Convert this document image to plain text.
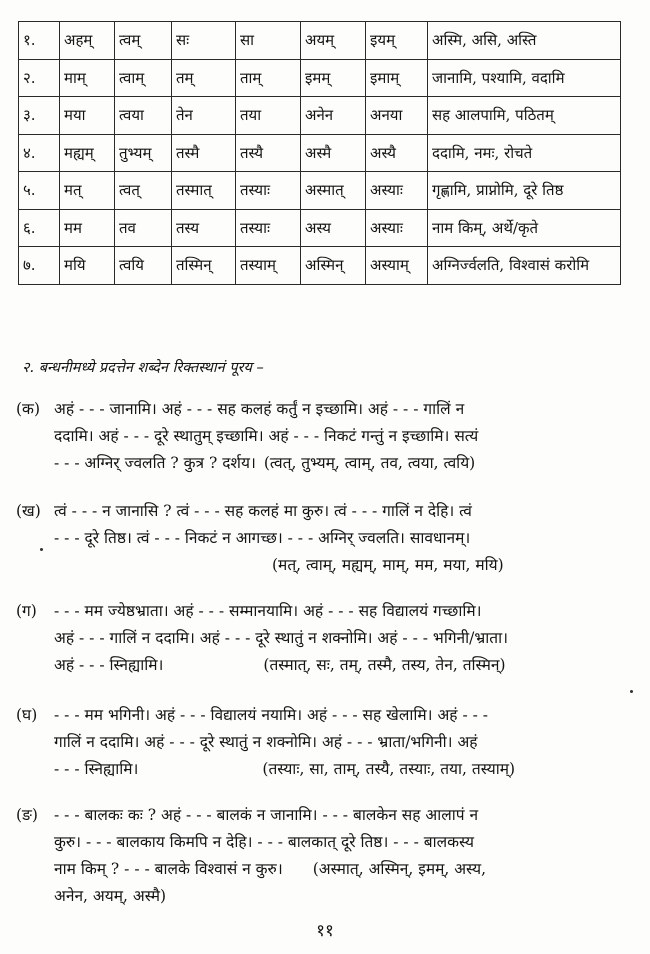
१.	अहम्	त्वम्	सः	सा	अयम्	इयम्	अस्मि, असि, अस्ति
२.	माम्	त्वाम्	तम्	ताम्	इमम्	इमाम्	जानामि, पश्यामि, वदामि
३.	मया	त्वया	तेन	तया	अनेन	अनया	सह आलपामि, पठितम्
४.	मह्यम्	तुभ्यम्	तस्मै	तस्यै	अस्मै	अस्यै	ददामि, नमः, रोचते
५.	मत्	त्वत्	तस्मात्	तस्याः	अस्मात्	अस्याः	गृह्णामि, प्राप्नोमि, दूरे तिष्ठ
६.	मम	तव	तस्य	तस्याः	अस्य	अस्याः	नाम किम्, अर्थे/कृते
७.	मयि	त्वयि	तस्मिन्	तस्याम्	अस्मिन्	अस्याम्	अग्निर्ज्वलति, विश्वासं करोमि
२. बन्धनीमध्ये प्रदत्तेन शब्देन रिक्तस्थानं पूरय –
(क) अहं - - - जानामि। अहं - - - सह कलहं कर्तुं न इच्छामि। अहं - - - गालिं न
ददामि। अहं - - - दूरे स्थातुम् इच्छामि। अहं - - - निकटं गन्तुं न इच्छामि। सत्यं
- - - अग्निर् ज्वलति ? कुत्र ? दर्शय। (त्वत्, तुभ्यम्, त्वाम्, तव, त्वया, त्वयि)
(ख) त्वं - - - न जानासि ? त्वं - - - सह कलहं मा कुरु। त्वं - - - गालिं न देहि। त्वं
- - - दूरे तिष्ठ। त्वं - - - निकटं न आगच्छ। - - - अग्निर् ज्वलति। सावधानम्।
(मत्, त्वाम्, मह्यम्, माम्, मम, मया, मयि)
(ग) - - - मम ज्येष्ठभ्राता। अहं - - - सम्मानयामि। अहं - - - सह विद्यालयं गच्छामि।
अहं - - - गालिं न ददामि। अहं - - - दूरे स्थातुं न शक्नोमि। अहं - - - भगिनी/भ्राता।
अहं - - - स्निह्यामि।	(तस्मात्, सः, तम्, तस्मै, तस्य, तेन, तस्मिन्)
(घ) - - - मम भगिनी। अहं - - - विद्यालयं नयामि। अहं - - - सह खेलामि। अहं - - -
गालिं न ददामि। अहं - - - दूरे स्थातुं न शक्नोमि। अहं - - - भ्राता/भगिनी। अहं
- - - स्निह्यामि।	(तस्याः, सा, ताम्, तस्यै, तस्याः, तया, तस्याम्)
(ङ) - - - बालकः कः ? अहं - - - बालकं न जानामि। - - - बालकेन सह आलापं न
कुरु। - - - बालकाय किमपि न देहि। - - - बालकात् दूरे तिष्ठ। - - - बालकस्य
नाम किम् ? - - - बालके विश्वासं न कुरु। (अस्मात्, अस्मिन्, इमम्, अस्य,
अनेन, अयम्, अस्मै)
११
